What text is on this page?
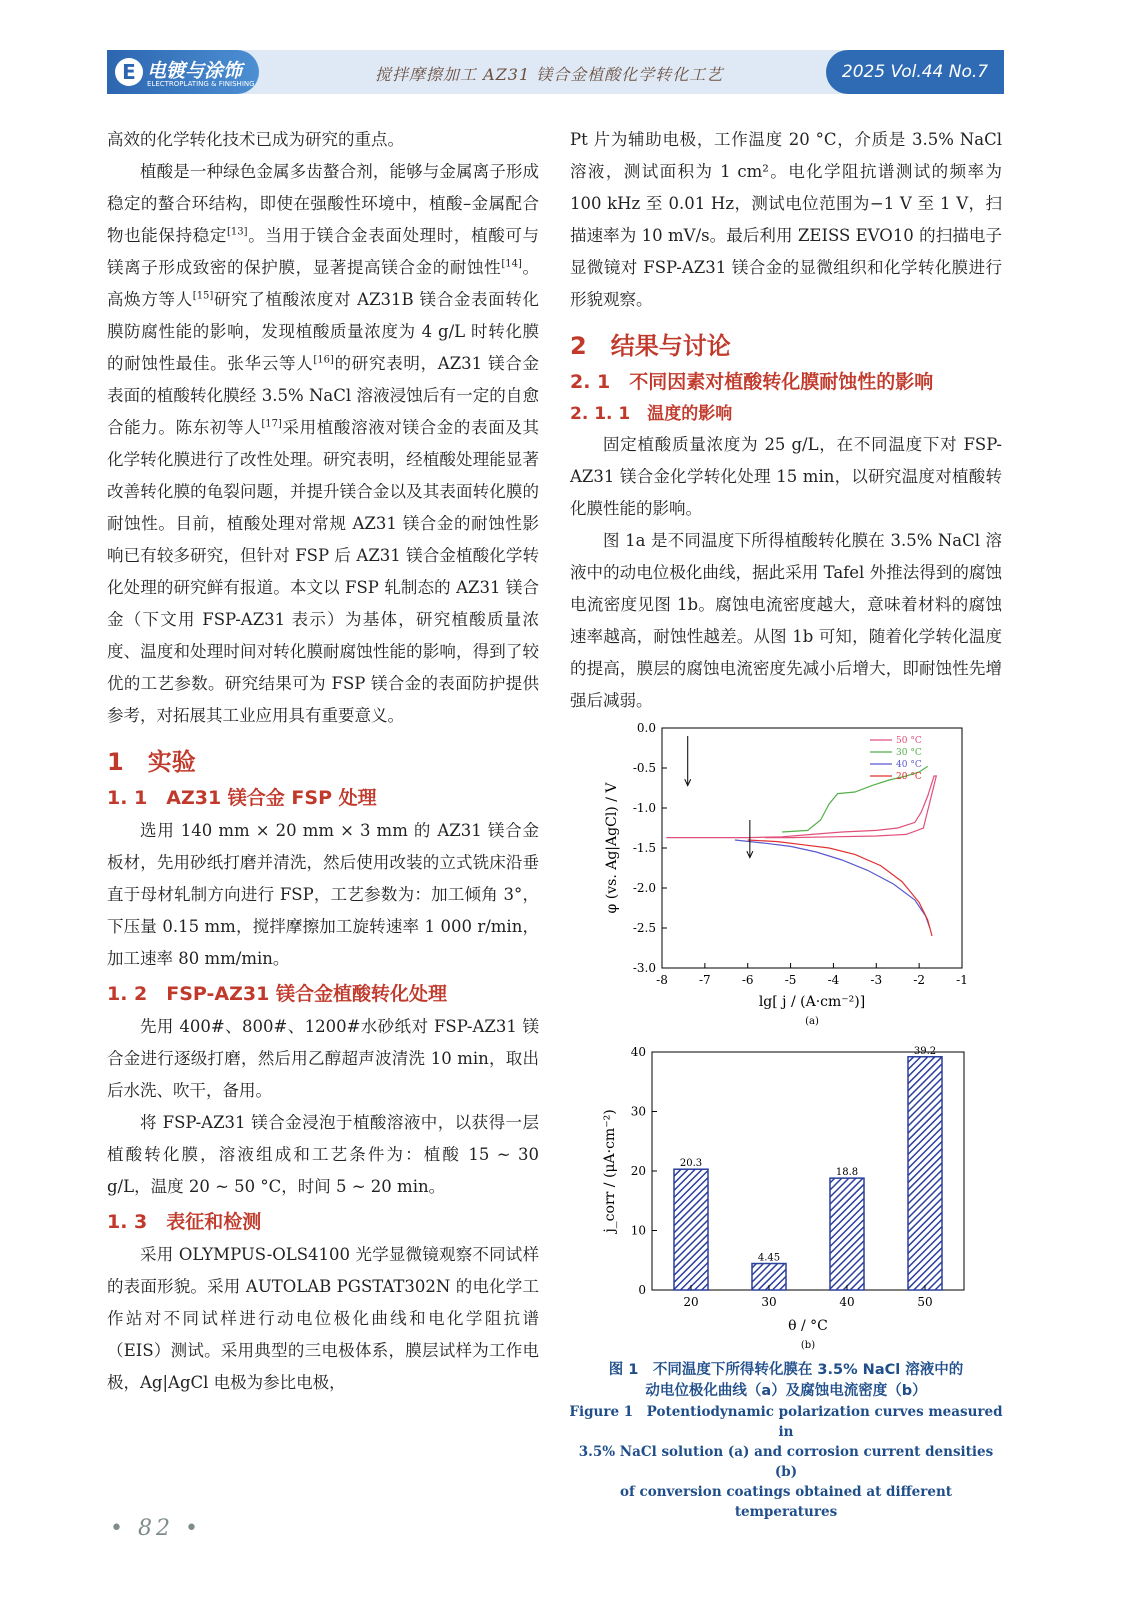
E 电镀与涂饰
ELECTROPLATING & FINISHING	搅拌摩擦加工 AZ31 镁合金植酸化学转化工艺	2025 Vol.44 No.7

高效的化学转化技术已成为研究的重点。

植酸是一种绿色金属多齿螯合剂，能够与金属离子形成稳定的螯合环结构，即使在强酸性环境中，植酸–金属配合物也能保持稳定[13]。当用于镁合金表面处理时，植酸可与镁离子形成致密的保护膜，显著提高镁合金的耐蚀性[14]。高焕方等人[15]研究了植酸浓度对 AZ31B 镁合金表面转化膜防腐性能的影响，发现植酸质量浓度为 4 g/L 时转化膜的耐蚀性最佳。张华云等人[16]的研究表明，AZ31 镁合金表面的植酸转化膜经 3.5% NaCl 溶液浸蚀后有一定的自愈合能力。陈东初等人[17]采用植酸溶液对镁合金的表面及其化学转化膜进行了改性处理。研究表明，经植酸处理能显著改善转化膜的龟裂问题，并提升镁合金以及其表面转化膜的耐蚀性。目前，植酸处理对常规 AZ31 镁合金的耐蚀性影响已有较多研究，但针对 FSP 后 AZ31 镁合金植酸化学转化处理的研究鲜有报道。本文以 FSP 轧制态的 AZ31 镁合金（下文用 FSP-AZ31 表示）为基体，研究植酸质量浓度、温度和处理时间对转化膜耐腐蚀性能的影响，得到了较优的工艺参数。研究结果可为 FSP 镁合金的表面防护提供参考，对拓展其工业应用具有重要意义。

1　实验
1. 1　AZ31 镁合金 FSP 处理

选用 140 mm × 20 mm × 3 mm 的 AZ31 镁合金板材，先用砂纸打磨并清洗，然后使用改装的立式铣床沿垂直于母材轧制方向进行 FSP，工艺参数为：加工倾角 3°，下压量 0.15 mm，搅拌摩擦加工旋转速率 1 000 r/min，加工速率 80 mm/min。

1. 2　FSP-AZ31 镁合金植酸转化处理

先用 400#、800#、1200#水砂纸对 FSP-AZ31 镁合金进行逐级打磨，然后用乙醇超声波清洗 10 min，取出后水洗、吹干，备用。

将 FSP-AZ31 镁合金浸泡于植酸溶液中，以获得一层植酸转化膜，溶液组成和工艺条件为：植酸 15 ~ 30 g/L，温度 20 ~ 50 °C，时间 5 ~ 20 min。

1. 3　表征和检测

采用 OLYMPUS-OLS4100 光学显微镜观察不同试样的表面形貌。采用 AUTOLAB PGSTAT302N 的电化学工作站对不同试样进行动电位极化曲线和电化学阻抗谱（EIS）测试。采用典型的三电极体系，膜层试样为工作电极，Ag|AgCl 电极为参比电极，

Pt 片为辅助电极，工作温度 20 °C，介质是 3.5% NaCl 溶液，测试面积为 1 cm²。电化学阻抗谱测试的频率为 100 kHz 至 0.01 Hz，测试电位范围为−1 V 至 1 V，扫描速率为 10 mV/s。最后利用 ZEISS EVO10 的扫描电子显微镜对 FSP-AZ31 镁合金的显微组织和化学转化膜进行形貌观察。

2　结果与讨论
2. 1　不同因素对植酸转化膜耐蚀性的影响
2. 1. 1　温度的影响

固定植酸质量浓度为 25 g/L，在不同温度下对 FSP-AZ31 镁合金化学转化处理 15 min，以研究温度对植酸转化膜性能的影响。

图 1a 是不同温度下所得植酸转化膜在 3.5% NaCl 溶液中的动电位极化曲线，据此采用 Tafel 外推法得到的腐蚀电流密度见图 1b。腐蚀电流密度越大，意味着材料的腐蚀速率越高，耐蚀性越差。从图 1b 可知，随着化学转化温度的提高，膜层的腐蚀电流密度先减小后增大，即耐蚀性先增强后减弱。

-8	-7	-6	-5	-4	-3	-2	-1
0.0
-0.5
-1.0
-1.5
-2.0
-2.5
-3.0
50 °C
30 °C
40 °C
20 °C
lg[ j / (A·cm⁻²)]
(a)
φ (vs. Ag|AgCl) / V
0
10
20
30
40
20.3
20
4.45
30
18.8
40
39.2
50
θ / °C
(b)
j_corr / (μA·cm⁻²)
图 1　不同温度下所得转化膜在 3.5% NaCl 溶液中的
动电位极化曲线（a）及腐蚀电流密度（b）
Figure 1　Potentiodynamic polarization curves measured in
3.5% NaCl solution (a) and corrosion current densities (b)
of conversion coatings obtained at different temperatures
• 82 •
